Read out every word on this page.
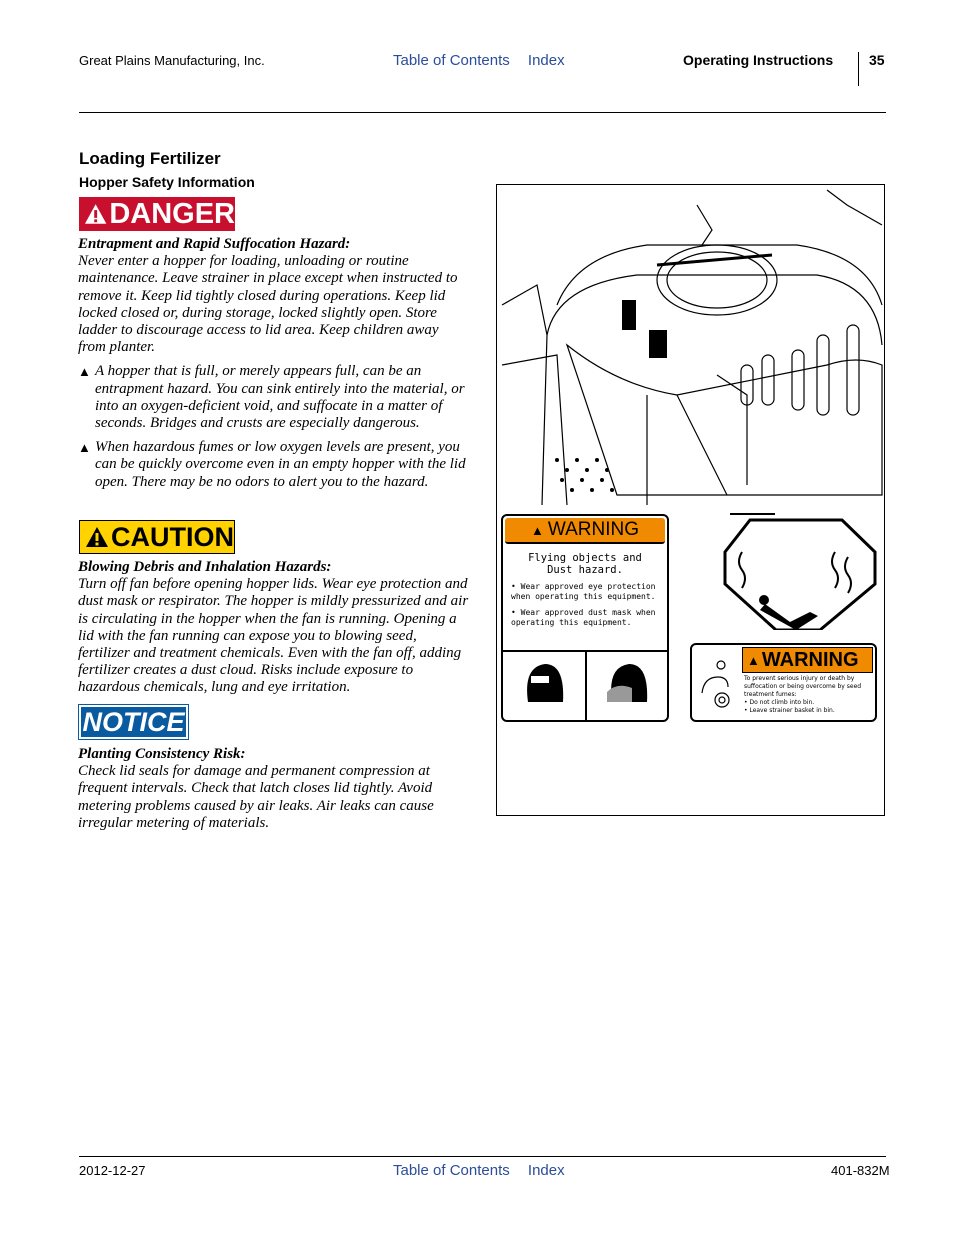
Great Plains Manufacturing, Inc.	Table of Contents Index	Operating Instructions	35
Loading Fertilizer
Hopper Safety Information
DANGER
Entrapment and Rapid Suffocation Hazard:
Never enter a hopper for loading, unloading or routine maintenance. Leave strainer in place except when instructed to remove it. Keep lid tightly closed during operations. Keep lid locked closed or, during storage, locked slightly open. Store ladder to discourage access to lid area. Keep children away from planter.
▲ A hopper that is full, or merely appears full, can be an entrapment hazard. You can sink entirely into the material, or into an oxygen-deficient void, and suffocate in a matter of seconds. Bridges and crusts are especially dangerous.
▲ When hazardous fumes or low oxygen levels are present, you can be quickly overcome even in an empty hopper with the lid open. There may be no odors to alert you to the hazard.
CAUTION
Blowing Debris and Inhalation Hazards:
Turn off fan before opening hopper lids. Wear eye protection and dust mask or respirator. The hopper is mildly pressurized and air is circulating in the hopper when the fan is running. Opening a lid with the fan running can expose you to blowing seed, fertilizer and treatment chemicals. Even with the fan off, adding fertilizer creates a dust cloud. Risks include exposure to hazardous chemicals, lung and eye irritation.
NOTICE
Planting Consistency Risk:
Check lid seals for damage and permanent compression at frequent intervals. Check that latch closes lid tightly. Avoid metering problems caused by air leaks. Air leaks can cause irregular metering of materials.
▲ WARNING
Flying objects and
Dust hazard.
• Wear approved eye protection when operating this equipment.
• Wear approved dust mask when operating this equipment.
▲ WARNING
To prevent serious injury or death by suffocation or being overcome by seed treatment fumes:
• Do not climb into bin.
• Leave strainer basket in bin.
2012-12-27	Table of Contents Index	401-832M
